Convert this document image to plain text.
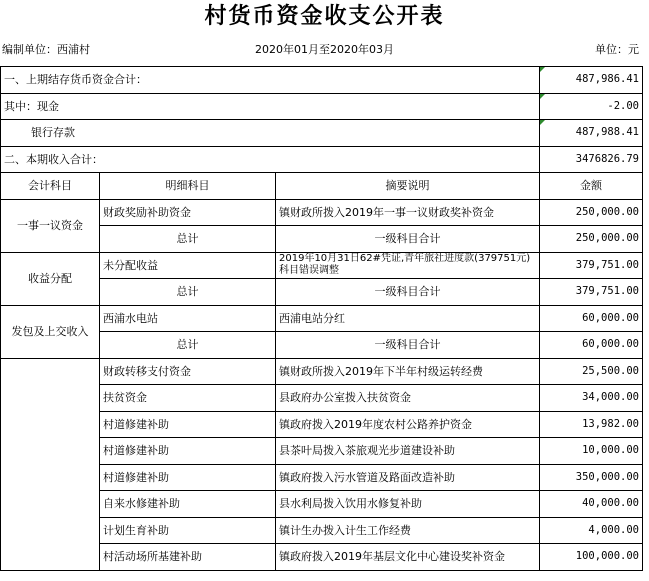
村货币资金收支公开表
编制单位：西浦村	2020年01月至2020年03月	单位：元
一、上期结存货币资金合计：			487,986.41
其中：现金			-2.00
银行存款			487,988.41
二、本期收入合计：			3476826.79
会计科目	明细科目	摘要说明	金额
一事一议资金	财政奖励补助资金	镇财政所拨入2019年一事一议财政奖补资金	250,000.00
	总计	一级科目合计	250,000.00
收益分配	未分配收益	2019年10月31日62#凭证,青年旅社进度款(379751元)科目错误调整	379,751.00
	总计	一级科目合计	379,751.00
发包及上交收入	西浦水电站	西浦电站分红	60,000.00
	总计	一级科目合计	60,000.00
	财政转移支付资金	镇财政所拨入2019年下半年村级运转经费	25,500.00
	扶贫资金	县政府办公室拨入扶贫资金	34,000.00
	村道修建补助	镇政府拨入2019年度农村公路养护资金	13,982.00
	村道修建补助	县茶叶局拨入茶旅观光步道建设补助	10,000.00
	村道修建补助	镇政府拨入污水管道及路面改造补助	350,000.00
	自来水修建补助	县水利局拨入饮用水修复补助	40,000.00
	计划生育补助	镇计生办拨入计生工作经费	4,000.00
	村活动场所基建补助	镇政府拨入2019年基层文化中心建设奖补资金	100,000.00
